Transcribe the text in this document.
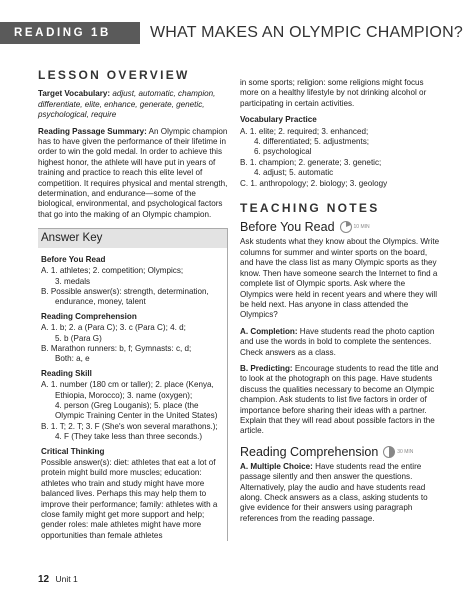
READING 1B	WHAT MAKES AN OLYMPIC CHAMPION?
LESSON OVERVIEW

Target Vocabulary: adjust, automatic, champion, differentiate, elite, enhance, generate, genetic, psychological, require

Reading Passage Summary: An Olympic champion has to have given the performance of their lifetime in order to win the gold medal. In order to achieve this highest honor, the athlete will have put in years of training and practice to reach this elite level of competition. It requires physical and mental strength, determination, and endurance—some of the biological, environmental, and psychological factors that go into the making of an Olympic champion.

Answer Key
Before You Read
A. 1. athletes; 2. competition; Olympics;
3. medals
B. Possible answer(s): strength, determination,
endurance, money, talent
Reading Comprehension
A. 1. b; 2. a (Para C); 3. c (Para C); 4. d;
5. b (Para G)
B. Marathon runners: b, f; Gymnasts: c, d;
Both: a, e
Reading Skill
A. 1. number (180 cm or taller); 2. place (Kenya,
Ethiopia, Morocco); 3. name (oxygen);
4. person (Greg Louganis); 5. place (the
Olympic Training Center in the United States)
B. 1. T; 2. T; 3. F (She's won several marathons.);
4. F (They take less than three seconds.)
Critical Thinking
Possible answer(s): diet: athletes that eat a lot of protein might build more muscles; education: athletes who train and study might have more balanced lives. Perhaps this may help them to improve their performance; family: athletes with a close family might get more support and help; gender roles: male athletes might have more opportunities than female athletes

in some sports; religion: some religions might focus more on a healthy lifestyle by not drinking alcohol or participating in certain activities.

Vocabulary Practice
A. 1. elite; 2. required; 3. enhanced;
4. differentiated; 5. adjustments;
6. psychological
B. 1. champion; 2. generate; 3. genetic;
4. adjust; 5. automatic
C. 1. anthropology; 2. biology; 3. geology
TEACHING NOTES
Before You Read	10 MIN

Ask students what they know about the Olympics. Write columns for summer and winter sports on the board, and have the class list as many Olympic sports as they know. Then have someone search the Internet to find a complete list of Olympic sports. Ask where the Olympics were held in recent years and where they will be held next. Has anyone in class attended the Olympics?

A. Completion: Have students read the photo caption and use the words in bold to complete the sentences. Check answers as a class.

B. Predicting: Encourage students to read the title and to look at the photograph on this page. Have students discuss the qualities necessary to become an Olympic champion. Ask students to list five factors in order of importance before sharing their ideas with a partner. Explain that they will read about possible factors in the article.

Reading Comprehension	30 MIN

A. Multiple Choice: Have students read the entire passage silently and then answer the questions. Alternatively, play the audio and have students read along. Check answers as a class, asking students to give evidence for their answers using paragraph references from the reading passage.

12 Unit 1
